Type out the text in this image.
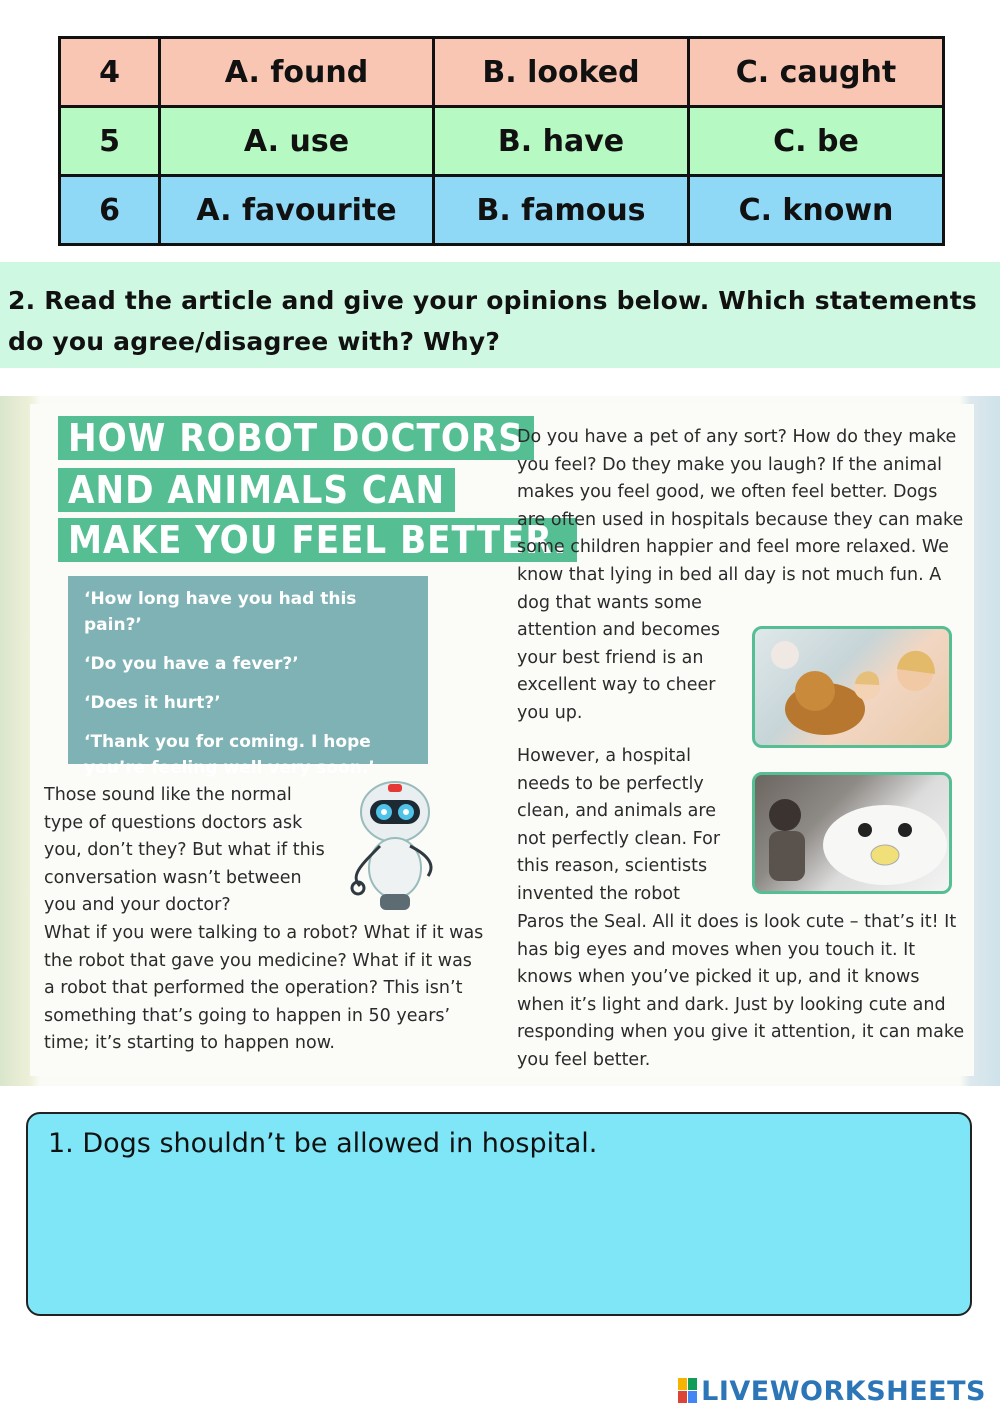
4	A. found	B. looked	C. caught
5	A. use	B. have	C. be
6	A. favourite	B. famous	C. known
2. Read the article and give your opinions below. Which statements do you agree/disagree with? Why?
HOW ROBOT DOCTORS
AND ANIMALS CAN
MAKE YOU FEEL BETTER.

‘How long have you had this pain?’

‘Do you have a fever?’

‘Does it hurt?’

‘Thank you for coming. I hope you’re feeling well very soon.’

Those sound like the normal type of questions doctors ask you, don’t they? But what if this conversation wasn’t between you and your doctor?

What if you were talking to a robot? What if it was the robot that gave you medicine? What if it was a robot that performed the operation? This isn’t something that’s going to happen in 50 years’ time; it’s starting to happen now.

Do you have a pet of any sort? How do they make you feel? Do they make you laugh? If the animal makes you feel good, we often feel better. Dogs are often used in hospitals because they can make some children happier and feel more relaxed. We know that lying in bed all day is not much fun. A dog that wants some

attention and becomes your best friend is an excellent way to cheer you up.

However, a hospital needs to be perfectly clean, and animals are not perfectly clean. For this reason, scientists invented the robot

Paros the Seal. All it does is look cute – that’s it! It has big eyes and moves when you touch it. It knows when you’ve picked it up, and it knows when it’s light and dark. Just by looking cute and responding when you give it attention, it can make you feel better.

1. Dogs shouldn’t be allowed in hospital.
LIVEWORKSHEETS
